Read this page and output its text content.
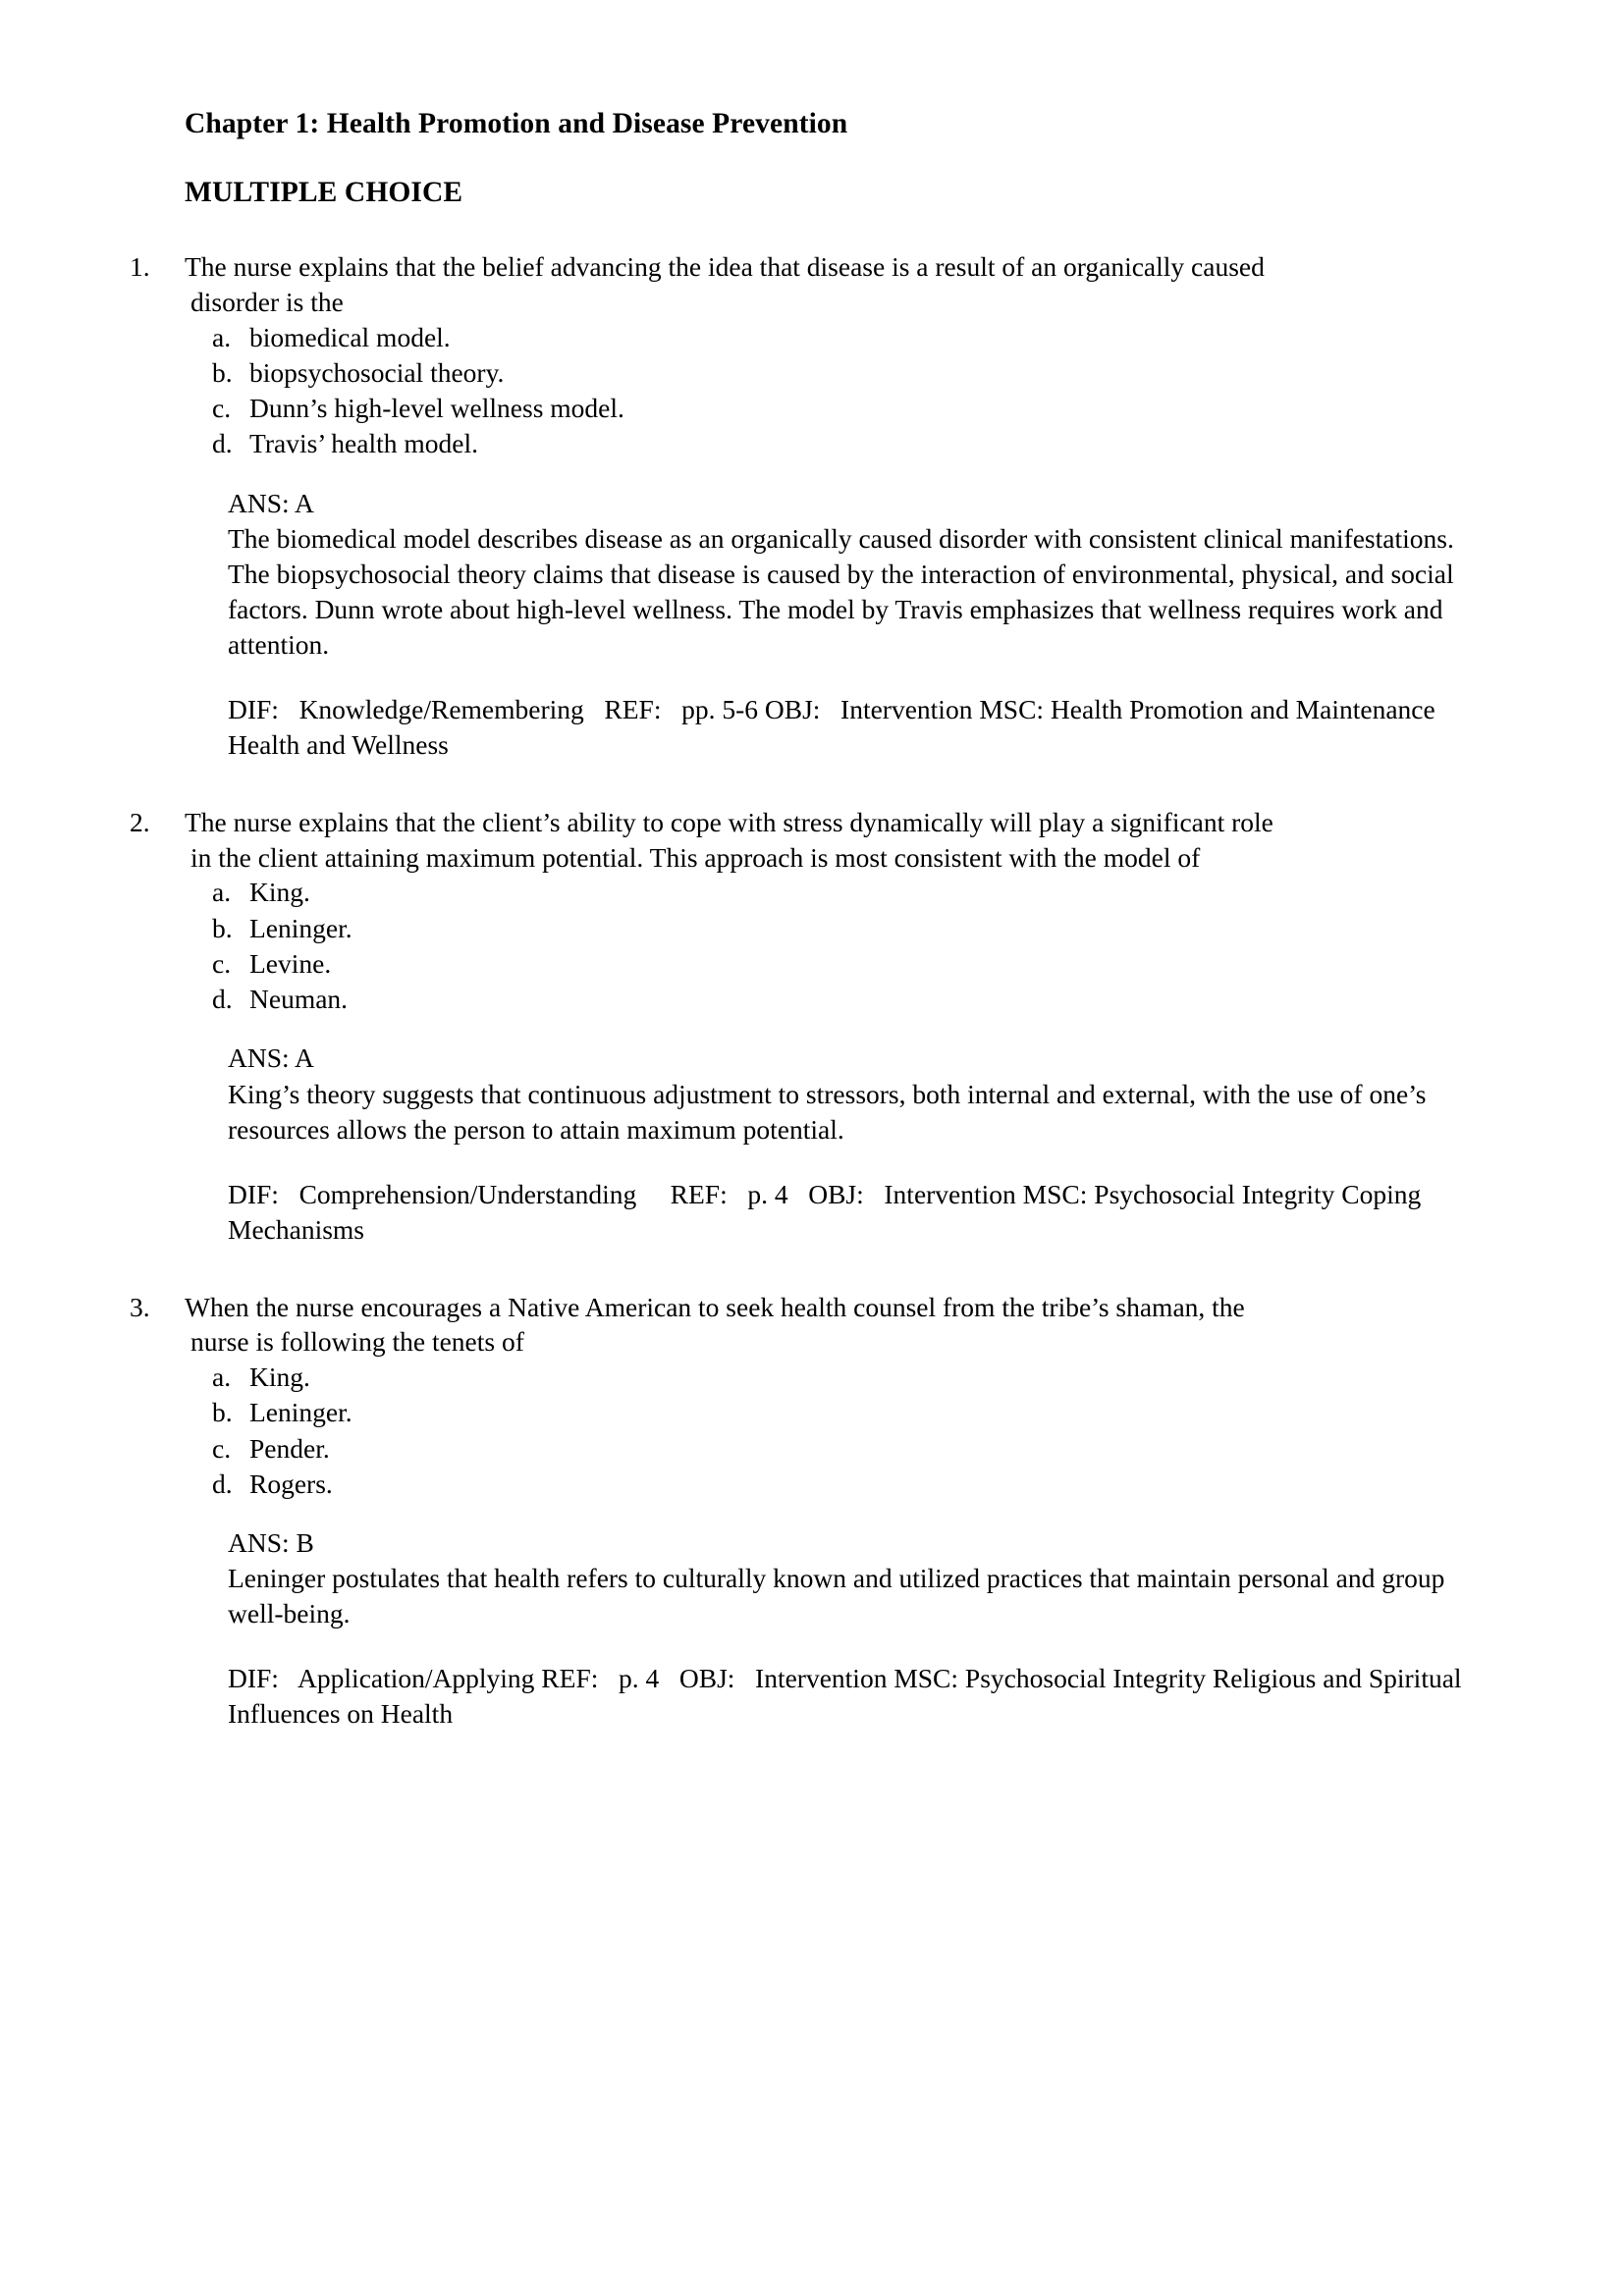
Chapter 1: Health Promotion and Disease Prevention
MULTIPLE CHOICE
1.	The nurse explains that the belief advancing the idea that disease is a result of an organically caused
disorder is the
a. biomedical model.
b. biopsychosocial theory.
c. Dunn’s high-level wellness model.
d. Travis’ health model.
ANS: A
The biomedical model describes disease as an organically caused disorder with consistent clinical manifestations. The biopsychosocial theory claims that disease is caused by the interaction of environmental, physical, and social factors. Dunn wrote about high-level wellness. The model by Travis emphasizes that wellness requires work and attention.
DIF:  Knowledge/Remembering  REF:  pp. 5-6 OBJ:  Intervention MSC: Health Promotion and Maintenance Health and Wellness
2.	The nurse explains that the client’s ability to cope with stress dynamically will play a significant role
in the client attaining maximum potential. This approach is most consistent with the model of
a. King.
b. Leninger.
c. Levine.
d. Neuman.
ANS: A
King’s theory suggests that continuous adjustment to stressors, both internal and external, with the use of one’s resources allows the person to attain maximum potential.
DIF:  Comprehension/Understanding   REF:  p. 4  OBJ:  Intervention MSC: Psychosocial Integrity Coping Mechanisms
3.	When the nurse encourages a Native American to seek health counsel from the tribe’s shaman, the
nurse is following the tenets of
a. King.
b. Leninger.
c. Pender.
d. Rogers.
ANS: B
Leninger postulates that health refers to culturally known and utilized practices that maintain personal and group well-being.
DIF:  Application/Applying REF:  p. 4  OBJ:  Intervention MSC: Psychosocial Integrity Religious and Spiritual Influences on Health
